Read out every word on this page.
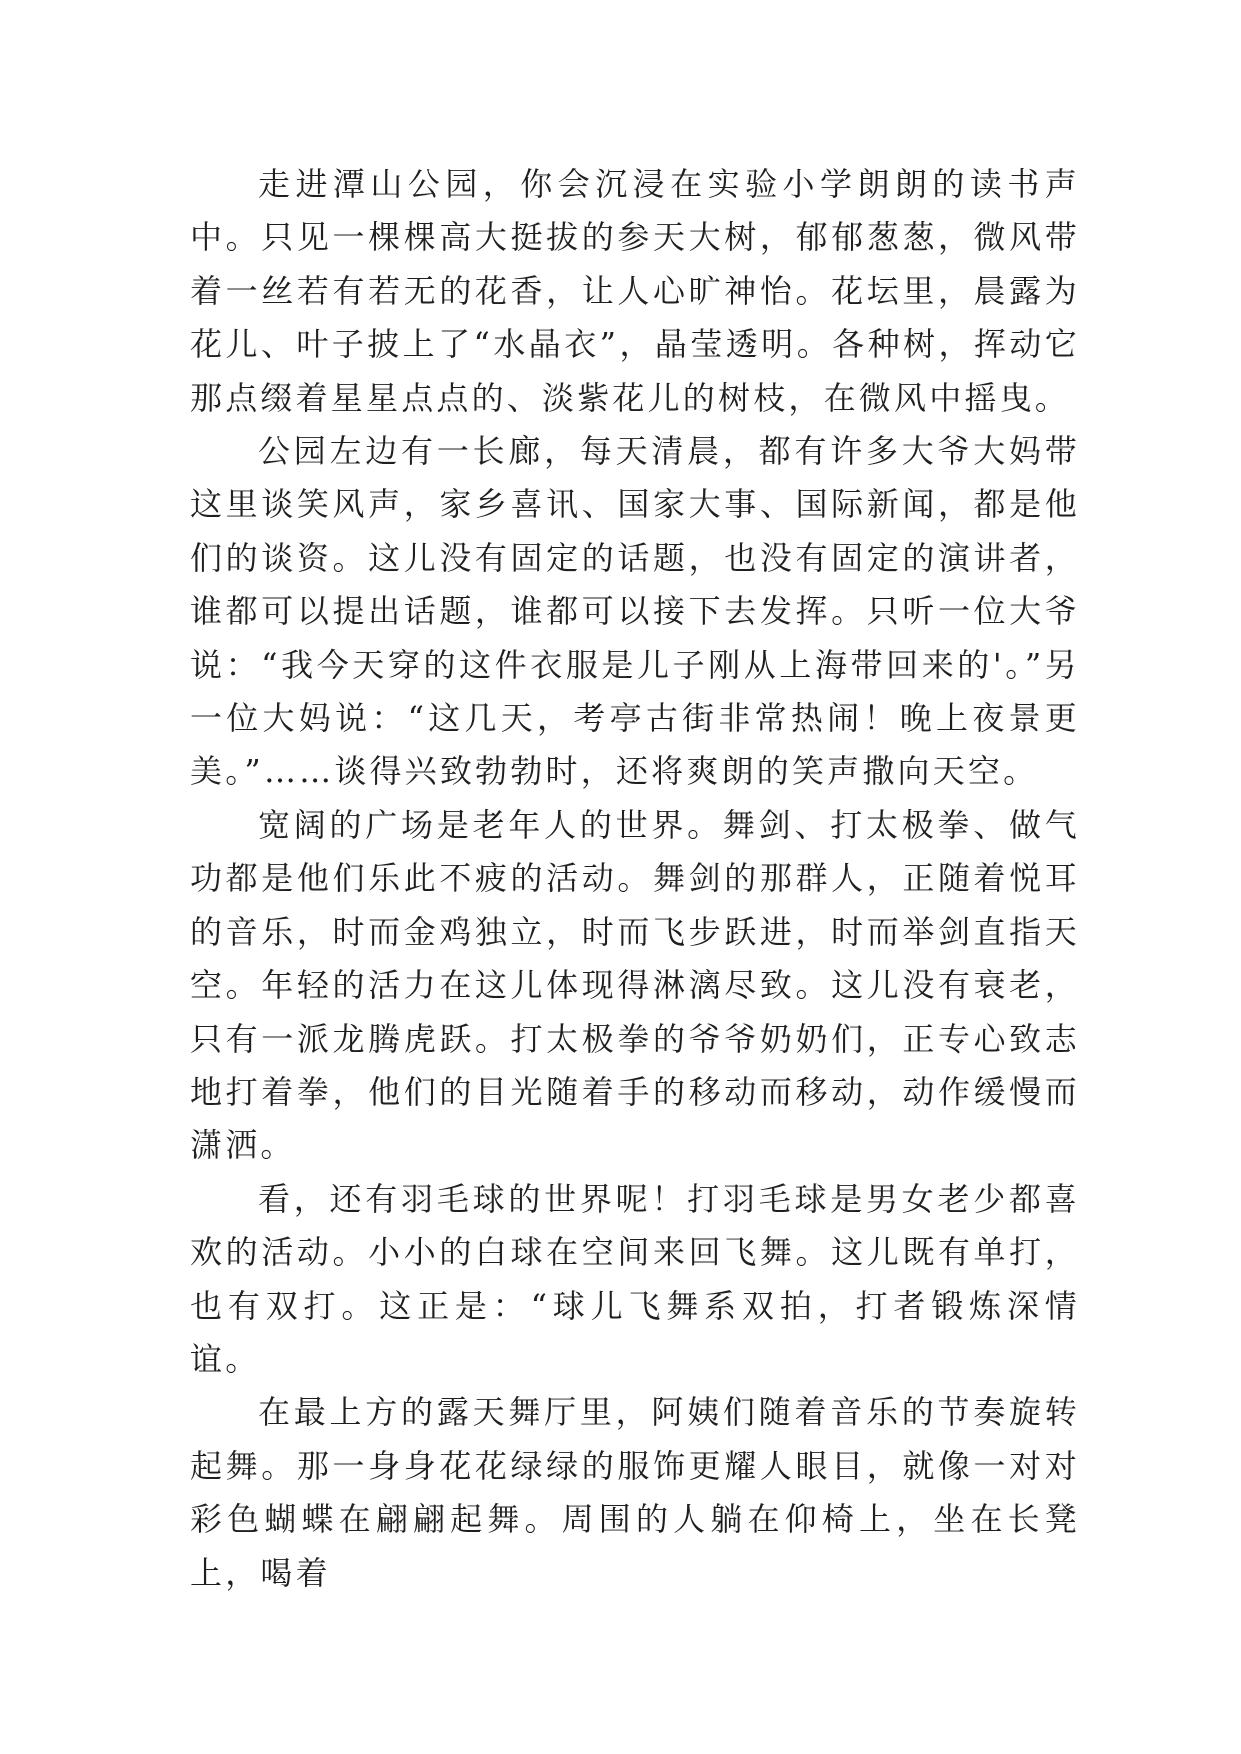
走进潭山公园，你会沉浸在实验小学朗朗的读书声中。只见一棵棵高大挺拔的参天大树，郁郁葱葱，微风带着一丝若有若无的花香，让人心旷神怡。花坛里，晨露为花儿、叶子披上了“水晶衣”，晶莹透明。各种树，挥动它那点缀着星星点点的、淡紫花儿的树枝，在微风中摇曳。

公园左边有一长廊，每天清晨，都有许多大爷大妈带这里谈笑风声，家乡喜讯、国家大事、国际新闻，都是他们的谈资。这儿没有固定的话题，也没有固定的演讲者，谁都可以提出话题，谁都可以接下去发挥。只听一位大爷说：“我今天穿的这件衣服是儿子刚从上海带回来的'。”另一位大妈说：“这几天，考亭古街非常热闹！晚上夜景更美。”……谈得兴致勃勃时，还将爽朗的笑声撒向天空。

宽阔的广场是老年人的世界。舞剑、打太极拳、做气功都是他们乐此不疲的活动。舞剑的那群人，正随着悦耳的音乐，时而金鸡独立，时而飞步跃进，时而举剑直指天空。年轻的活力在这儿体现得淋漓尽致。这儿没有衰老，只有一派龙腾虎跃。打太极拳的爷爷奶奶们，正专心致志地打着拳，他们的目光随着手的移动而移动，动作缓慢而潇洒。

看，还有羽毛球的世界呢！打羽毛球是男女老少都喜欢的活动。小小的白球在空间来回飞舞。这儿既有单打，也有双打。这正是：“球儿飞舞系双拍，打者锻炼深情谊。

在最上方的露天舞厅里，阿姨们随着音乐的节奏旋转起舞。那一身身花花绿绿的服饰更耀人眼目，就像一对对彩色蝴蝶在翩翩起舞。周围的人躺在仰椅上，坐在长凳上，喝着
